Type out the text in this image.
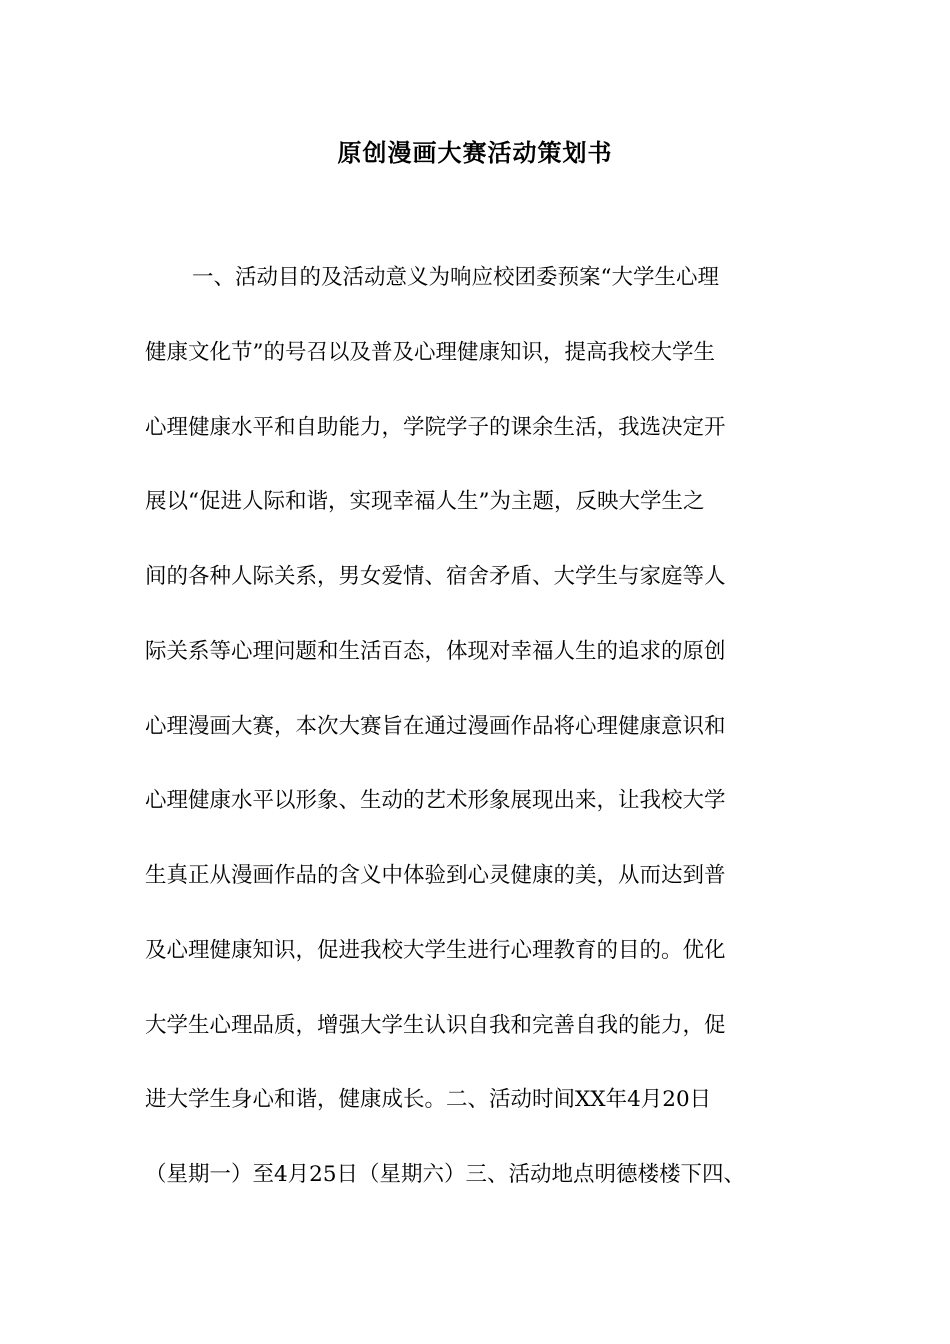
原创漫画大赛活动策划书
一、活动目的及活动意义为响应校团委预案“大学生心理
健康文化节”的号召以及普及心理健康知识，提高我校大学生
心理健康水平和自助能力，学院学子的课余生活，我选决定开
展以“促进人际和谐，实现幸福人生”为主题，反映大学生之
间的各种人际关系，男女爱情、宿舍矛盾、大学生与家庭等人
际关系等心理问题和生活百态，体现对幸福人生的追求的原创
心理漫画大赛，本次大赛旨在通过漫画作品将心理健康意识和
心理健康水平以形象、生动的艺术形象展现出来，让我校大学
生真正从漫画作品的含义中体验到心灵健康的美，从而达到普
及心理健康知识，促进我校大学生进行心理教育的目的。优化
大学生心理品质，增强大学生认识自我和完善自我的能力，促
进大学生身心和谐，健康成长。二、活动时间XX年4月20日
（星期一）至4月25日（星期六）三、活动地点明德楼楼下四、
